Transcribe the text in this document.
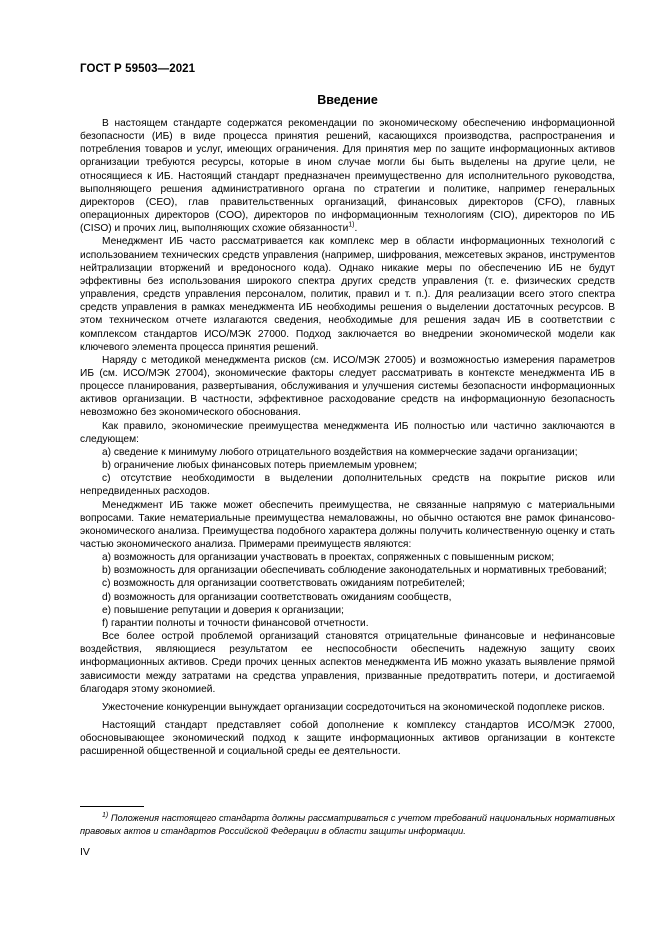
ГОСТ Р 59503—2021
Введение

В настоящем стандарте содержатся рекомендации по экономическому обеспечению информационной безопасности (ИБ) в виде процесса принятия решений, касающихся производства, распространения и потребления товаров и услуг, имеющих ограничения. Для принятия мер по защите информационных активов организации требуются ресурсы, которые в ином случае могли бы быть выделены на другие цели, не относящиеся к ИБ. Настоящий стандарт предназначен преимущественно для исполнительного руководства, выполняющего решения административного органа по стратегии и политике, например генеральных директоров (CEO), глав правительственных организаций, финансовых директоров (CFO), главных операционных директоров (COO), директоров по информационным технологиям (CIO), директоров по ИБ (CISO) и прочих лиц, выполняющих схожие обязанности$^{1)}$.

Менеджмент ИБ часто рассматривается как комплекс мер в области информационных технологий с использованием технических средств управления (например, шифрования, межсетевых экранов, инструментов нейтрализации вторжений и вредоносного кода). Однако никакие меры по обеспечению ИБ не будут эффективны без использования широкого спектра других средств управления (т. е. физических средств управления, средств управления персоналом, политик, правил и т. п.). Для реализации всего этого спектра средств управления в рамках менеджмента ИБ необходимы решения о выделении достаточных ресурсов. В этом техническом отчете излагаются сведения, необходимые для решения задач ИБ в соответствии с комплексом стандартов ИСО/МЭК 27000. Подход заключается во внедрении экономической модели как ключевого элемента процесса принятия решений.

Наряду с методикой менеджмента рисков (см. ИСО/МЭК 27005) и возможностью измерения параметров ИБ (см. ИСО/МЭК 27004), экономические факторы следует рассматривать в контексте менеджмента ИБ в процессе планирования, развертывания, обслуживания и улучшения системы безопасности информационных активов организации. В частности, эффективное расходование средств на информационную безопасность невозможно без экономического обоснования.

Как правило, экономические преимущества менеджмента ИБ полностью или частично заключаются в следующем:

а) сведение к минимуму любого отрицательного воздействия на коммерческие задачи организации;

b) ограничение любых финансовых потерь приемлемым уровнем;

с) отсутствие необходимости в выделении дополнительных средств на покрытие рисков или непредвиденных расходов.

Менеджмент ИБ также может обеспечить преимущества, не связанные напрямую с материальными вопросами. Такие нематериальные преимущества немаловажны, но обычно остаются вне рамок финансово-экономического анализа. Преимущества подобного характера должны получить количественную оценку и стать частью экономического анализа. Примерами преимуществ являются:

а) возможность для организации участвовать в проектах, сопряженных с повышенным риском;

b) возможность для организации обеспечивать соблюдение законодательных и нормативных требований;

c) возможность для организации соответствовать ожиданиям потребителей;

d) возможность для организации соответствовать ожиданиям сообществ,

e) повышение репутации и доверия к организации;

f) гарантии полноты и точности финансовой отчетности.

Все более острой проблемой организаций становятся отрицательные финансовые и нефинансовые воздействия, являющиеся результатом ее неспособности обеспечить надежную защиту своих информационных активов. Среди прочих ценных аспектов менеджмента ИБ можно указать выявление прямой зависимости между затратами на средства управления, призванные предотвратить потери, и достигаемой благодаря этому экономией.

Ужесточение конкуренции вынуждает организации сосредоточиться на экономической подоплеке рисков.

Настоящий стандарт представляет собой дополнение к комплексу стандартов ИСО/МЭК 27000, обосновывающее экономический подход к защите информационных активов организации в контексте расширенной общественной и социальной среды ее деятельности.

$^{1)}$ Положения настоящего стандарта должны рассматриваться с учетом требований национальных нормативных правовых актов и стандартов Российской Федерации в области защиты информации.
IV
